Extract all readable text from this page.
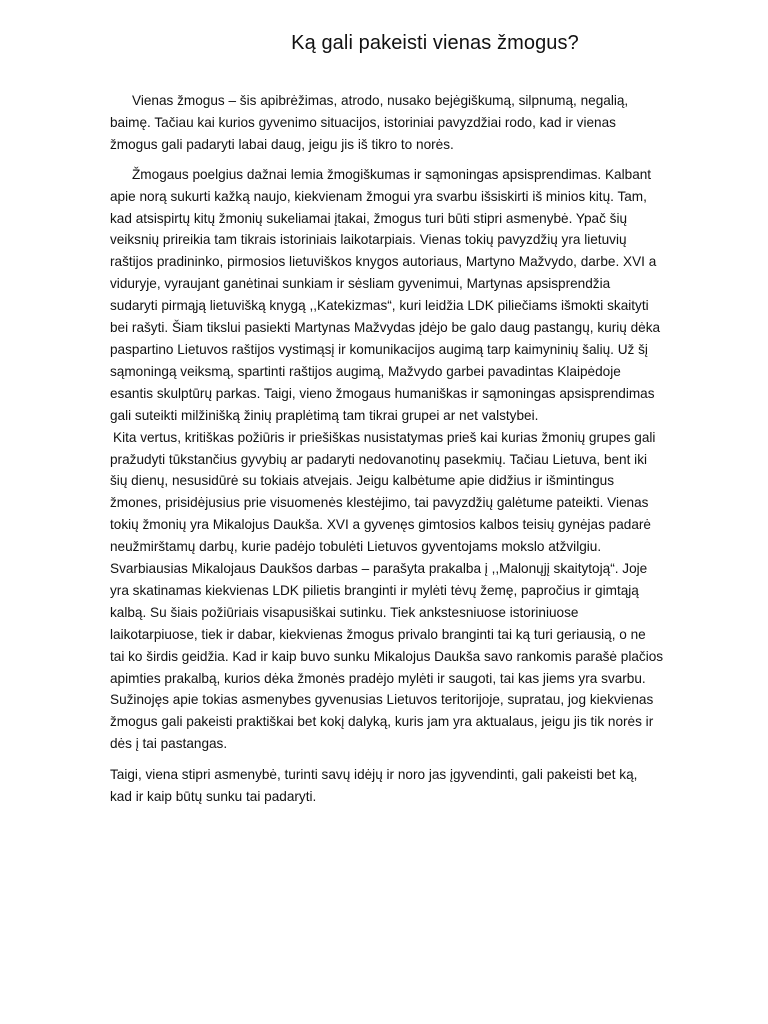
Ką gali pakeisti vienas žmogus?
Vienas žmogus – šis apibrėžimas, atrodo, nusako bejėgiškumą, silpnumą, negalią,
baimę. Tačiau kai kurios gyvenimo situacijos, istoriniai pavyzdžiai rodo, kad ir vienas
žmogus gali padaryti labai daug, jeigu jis iš tikro to norės.
Žmogaus poelgius dažnai lemia žmogiškumas ir sąmoningas apsisprendimas. Kalbant
apie norą sukurti kažką naujo, kiekvienam žmogui yra svarbu išsiskirti iš minios kitų. Tam,
kad atsispirtų kitų žmonių sukeliamai įtakai, žmogus turi būti stipri asmenybė. Ypač šių
veiksnių prireikia tam tikrais istoriniais laikotarpiais. Vienas tokių pavyzdžių yra lietuvių
raštijos pradininko, pirmosios lietuviškos knygos autoriaus, Martyno Mažvydo, darbe. XVI a
viduryje, vyraujant ganėtinai sunkiam ir sėsliam gyvenimui, Martynas apsisprendžia
sudaryti pirmąją lietuvišką knygą ,,Katekizmas“, kuri leidžia LDK piliečiams išmokti skaityti
bei rašyti. Šiam tikslui pasiekti Martynas Mažvydas įdėjo be galo daug pastangų, kurių dėka
paspartino Lietuvos raštijos vystimąsį ir komunikacijos augimą tarp kaimyninių šalių. Už šį
sąmoningą veiksmą, spartinti raštijos augimą, Mažvydo garbei pavadintas Klaipėdoje
esantis skulptūrų parkas. Taigi, vieno žmogaus humaniškas ir sąmoningas apsisprendimas
gali suteikti milžinišką žinių praplėtimą tam tikrai grupei ar net valstybei.
Kita vertus, kritiškas požiūris ir priešiškas nusistatymas prieš kai kurias žmonių grupes gali
pražudyti tūkstančius gyvybių ar padaryti nedovanotinų pasekmių. Tačiau Lietuva, bent iki
šių dienų, nesusidūrė su tokiais atvejais. Jeigu kalbėtume apie didžius ir išmintingus
žmones, prisidėjusius prie visuomenės klestėjimo, tai pavyzdžių galėtume pateikti. Vienas
tokių žmonių yra Mikalojus Daukša. XVI a gyvenęs gimtosios kalbos teisių gynėjas padarė
neužmirštamų darbų, kurie padėjo tobulėti Lietuvos gyventojams mokslo atžvilgiu.
Svarbiausias Mikalojaus Daukšos darbas – parašyta prakalba į ,,Malonųjį skaitytoją“. Joje
yra skatinamas kiekvienas LDK pilietis branginti ir mylėti tėvų žemę, papročius ir gimtąją
kalbą. Su šiais požiūriais visapusiškai sutinku. Tiek ankstesniuose istoriniuose
laikotarpiuose, tiek ir dabar, kiekvienas žmogus privalo branginti tai ką turi geriausią, o ne
tai ko širdis geidžia. Kad ir kaip buvo sunku Mikalojus Daukša savo rankomis parašė plačios
apimties prakalbą, kurios dėka žmonės pradėjo mylėti ir saugoti, tai kas jiems yra svarbu.
Sužinojęs apie tokias asmenybes gyvenusias Lietuvos teritorijoje, supratau, jog kiekvienas
žmogus gali pakeisti praktiškai bet kokį dalyką, kuris jam yra aktualaus, jeigu jis tik norės ir
dės į tai pastangas.
Taigi, viena stipri asmenybė, turinti savų idėjų ir noro jas įgyvendinti, gali pakeisti bet ką,
kad ir kaip būtų sunku tai padaryti.
